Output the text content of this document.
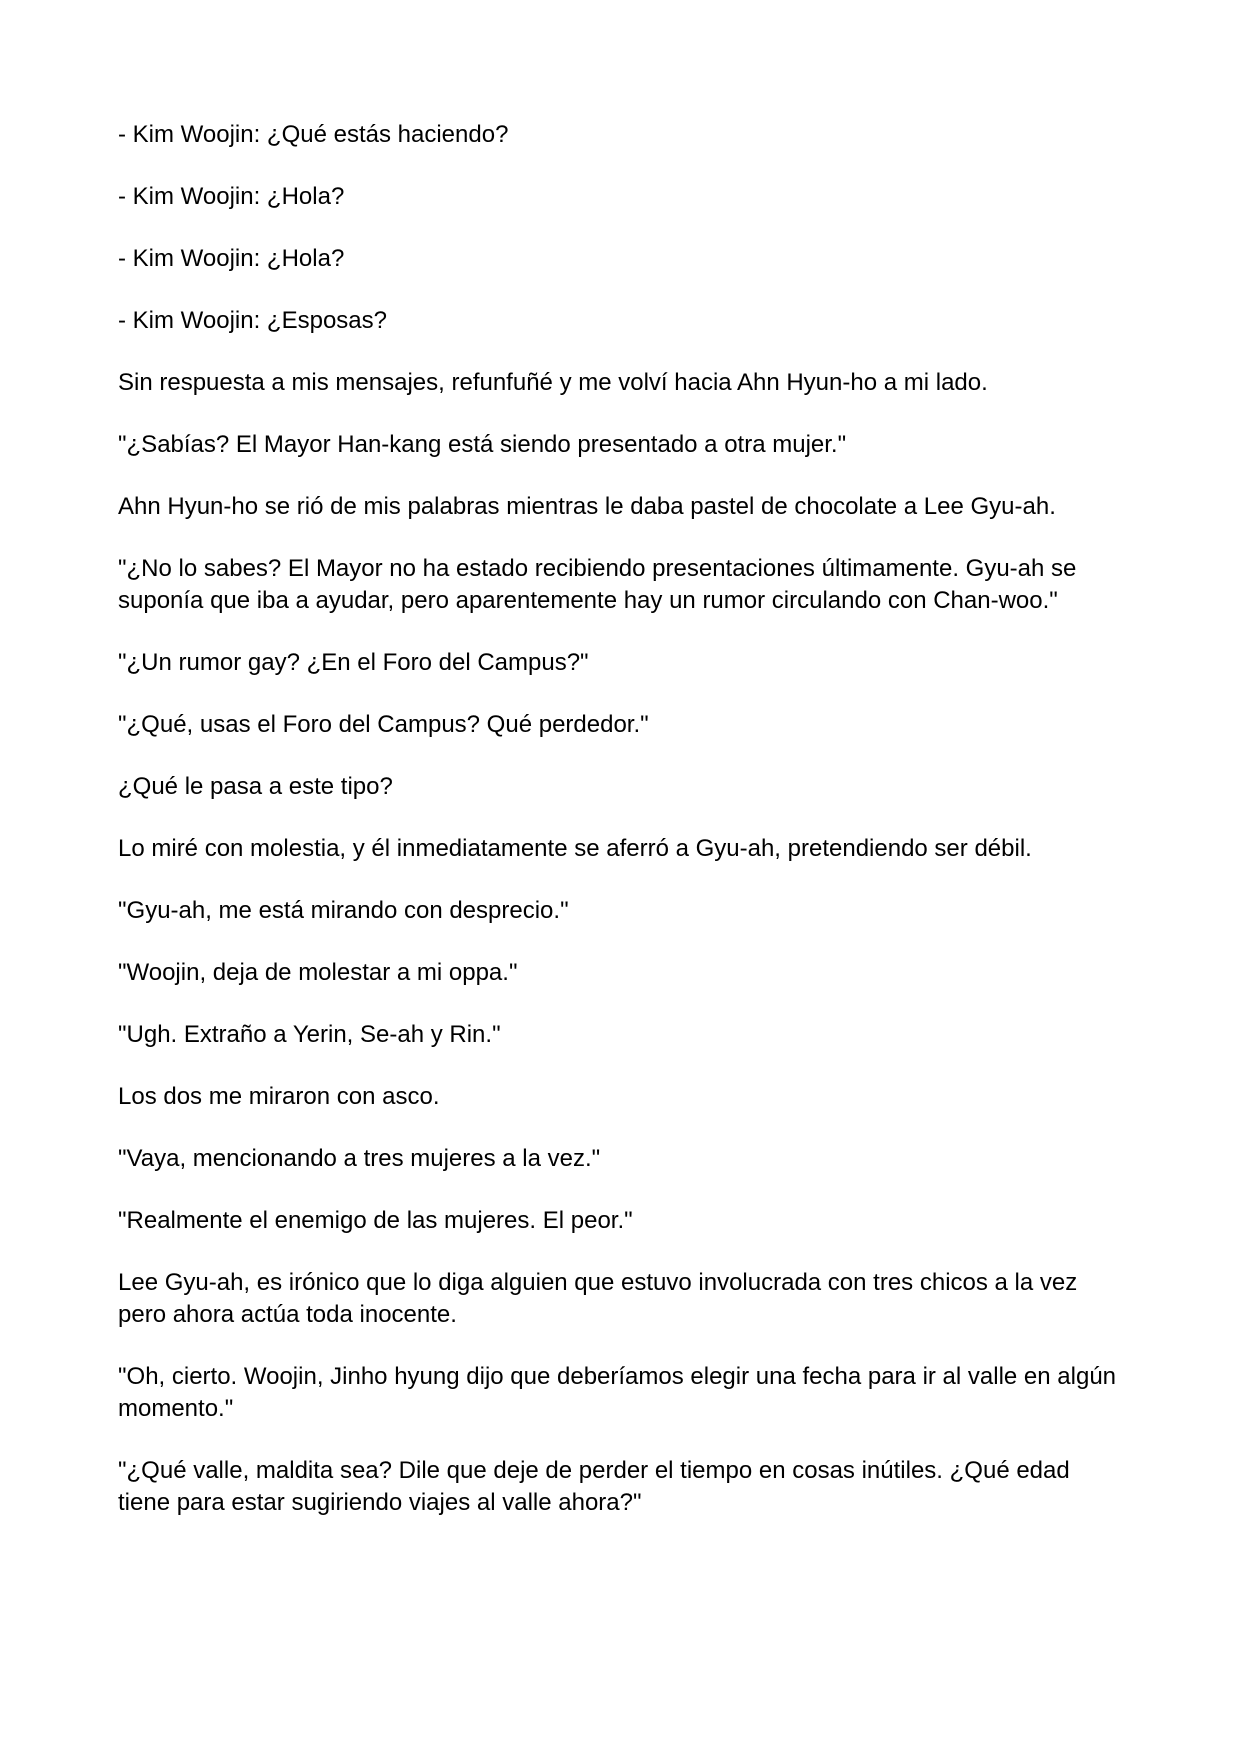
- Kim Woojin: ¿Qué estás haciendo?

- Kim Woojin: ¿Hola?

- Kim Woojin: ¿Hola?

- Kim Woojin: ¿Esposas?

Sin respuesta a mis mensajes, refunfuñé y me volví hacia Ahn Hyun-ho a mi lado.

"¿Sabías? El Mayor Han-kang está siendo presentado a otra mujer."

Ahn Hyun-ho se rió de mis palabras mientras le daba pastel de chocolate a Lee Gyu-ah.

"¿No lo sabes? El Mayor no ha estado recibiendo presentaciones últimamente. Gyu-ah se suponía que iba a ayudar, pero aparentemente hay un rumor circulando con Chan-woo."

"¿Un rumor gay? ¿En el Foro del Campus?"

"¿Qué, usas el Foro del Campus? Qué perdedor."

¿Qué le pasa a este tipo?

Lo miré con molestia, y él inmediatamente se aferró a Gyu-ah, pretendiendo ser débil.

"Gyu-ah, me está mirando con desprecio."

"Woojin, deja de molestar a mi oppa."

"Ugh. Extraño a Yerin, Se-ah y Rin."

Los dos me miraron con asco.

"Vaya, mencionando a tres mujeres a la vez."

"Realmente el enemigo de las mujeres. El peor."

Lee Gyu-ah, es irónico que lo diga alguien que estuvo involucrada con tres chicos a la vez pero ahora actúa toda inocente.

"Oh, cierto. Woojin, Jinho hyung dijo que deberíamos elegir una fecha para ir al valle en algún momento."

"¿Qué valle, maldita sea? Dile que deje de perder el tiempo en cosas inútiles. ¿Qué edad tiene para estar sugiriendo viajes al valle ahora?"
